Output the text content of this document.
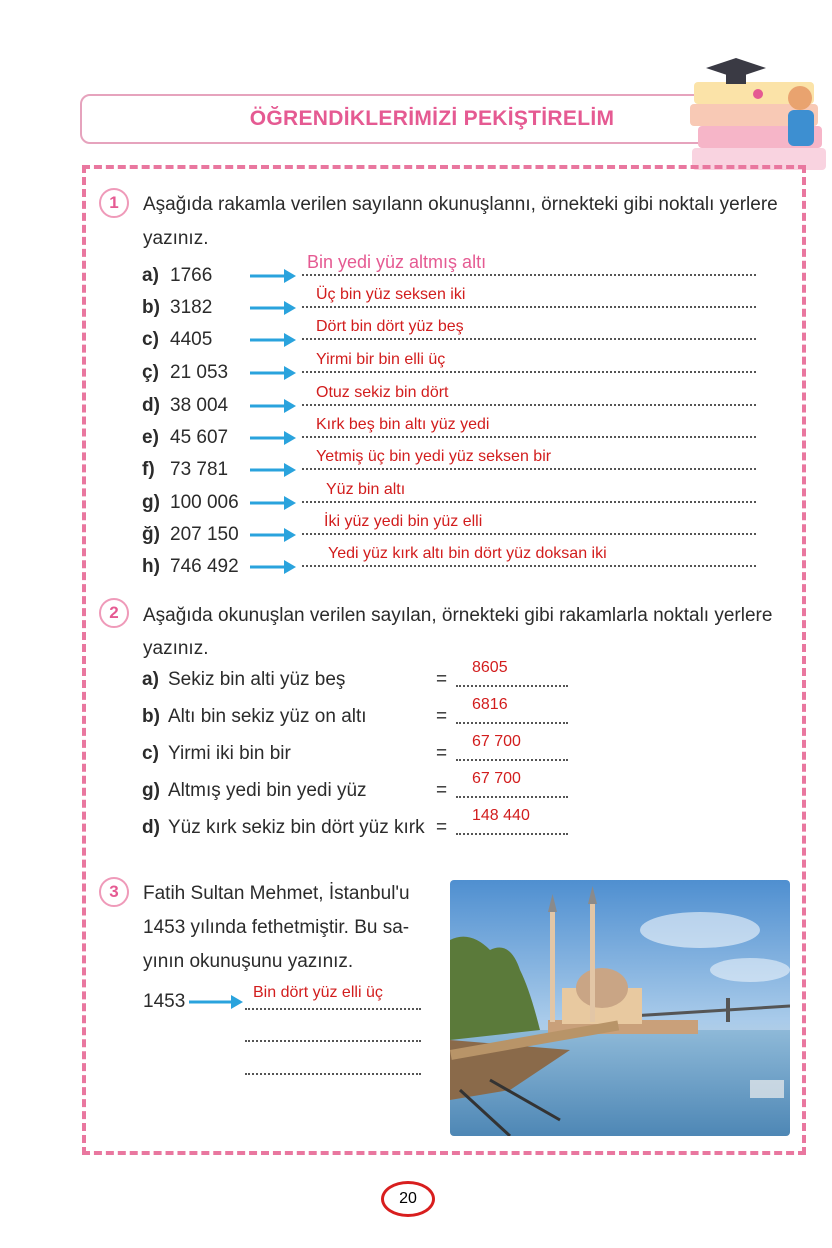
ÖĞRENDİKLERİMİZİ PEKİŞTİRELİM
1	Aşağıda rakamla verilen sayılann okunuşlannı, örnekteki gibi noktalı yerlere
yazınız.
a) 1766
Bin yedi yüz altmış altı
b) 3182
Üç bin yüz seksen iki
c) 4405
Dört bin dört yüz beş
ç) 21 053
Yirmi bir bin elli üç
d) 38 004
Otuz sekiz bin dört
e) 45 607
Kırk beş bin altı yüz yedi
f) 73 781
Yetmiş üç bin yedi yüz seksen bir
g) 100 006
Yüz bin altı
ğ) 207 150
İki yüz yedi bin yüz elli
h) 746 492
Yedi yüz kırk altı bin dört yüz doksan iki
2	Aşağıda okunuşlan verilen sayılan, örnekteki gibi rakamlarla noktalı yerlere
yazınız.
a) Sekiz bin alti yüz beş	=
8605
b) Altı bin sekiz yüz on altı	=
6816
c) Yirmi iki bin bir	=
67 700
g) Altmış yedi bin yedi yüz	=
67 700
d) Yüz kırk sekiz bin dört yüz kırk =
148 440
3	Fatih Sultan Mehmet, İstanbul'u
1453 yılında fethetmiştir. Bu sa-
yının okunuşunu yazınız.
1453	Bin dört yüz elli üç
20
